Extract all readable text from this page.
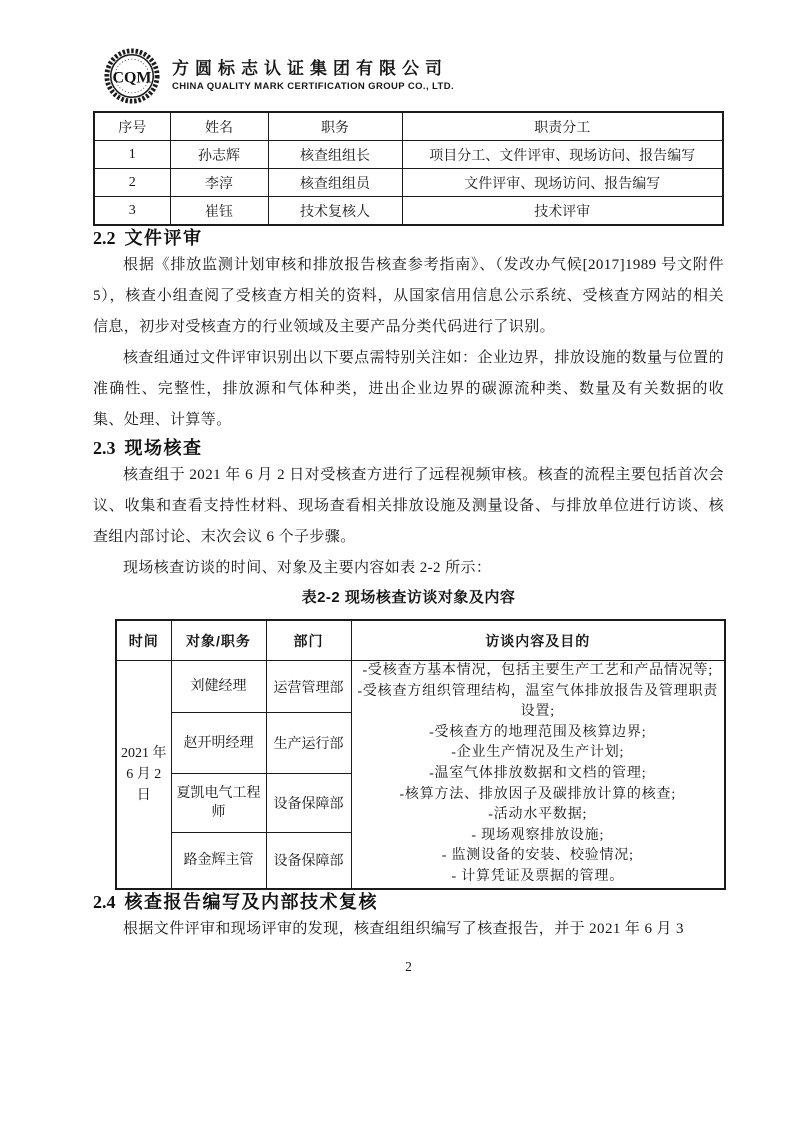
CQM 方圆标志认证集团有限公司
CHINA QUALITY MARK CERTIFICATION GROUP CO., LTD.
序号	姓名	职务	职责分工
1	孙志辉	核查组组长	项目分工、文件评审、现场访问、报告编写
2	李淳	核查组组员	文件评审、现场访问、报告编写
3	崔钰	技术复核人	技术评审
2.2 文件评审

根据《排放监测计划审核和排放报告核查参考指南》、（发改办气候[2017]1989 号文附件 5），核查小组查阅了受核查方相关的资料，从国家信用信息公示系统、受核查方网站的相关信息，初步对受核查方的行业领域及主要产品分类代码进行了识别。

核查组通过文件评审识别出以下要点需特别关注如：企业边界，排放设施的数量与位置的准确性、完整性，排放源和气体种类，进出企业边界的碳源流种类、数量及有关数据的收集、处理、计算等。

2.3 现场核查

核查组于 2021 年 6 月 2 日对受核查方进行了远程视频审核。核查的流程主要包括首次会议、收集和查看支持性材料、现场查看相关排放设施及测量设备、与排放单位进行访谈、核查组内部讨论、末次会议 6 个子步骤。

现场核查访谈的时间、对象及主要内容如表 2-2 所示：

表2-2 现场核查访谈对象及内容
时间	对象/职务	部门	访谈内容及目的

2021 年
6 月 2 日
	刘健经理	运营管理部	
-受核查方基本情况，包括主要生产工艺和产品情况等;
-受核查方组织管理结构，温室气体排放报告及管理职责设置;
-受核查方的地理范围及核算边界;
-企业生产情况及生产计划;
-温室气体排放数据和文档的管理;
-核算方法、排放因子及碳排放计算的核查;
-活动水平数据;
- 现场观察排放设施;
- 监测设备的安装、校验情况;
- 计算凭证及票据的管理。

	赵开明经理	生产运行部	
	夏凯电气工程师	设备保障部	
	路金辉主管	设备保障部	
2.4 核查报告编写及内部技术复核

根据文件评审和现场评审的发现，核查组组织编写了核查报告，并于 2021 年 6 月 3

2
